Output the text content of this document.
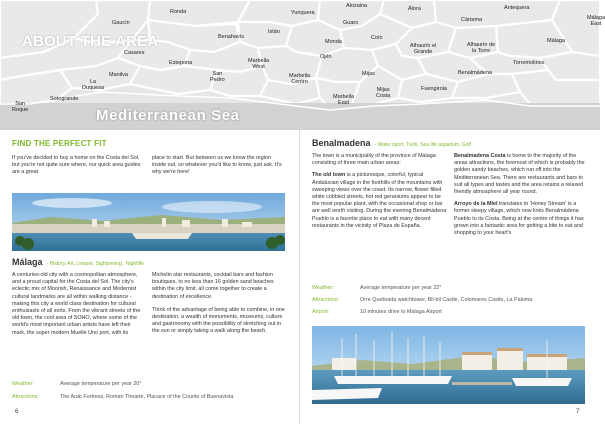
Ronda	Yunquera
Alozaina	Álora	Antequera
Málaga
East
Gaucín	Guaro	Cártama
Istán
Benahavís	Coín
Monda
Alhaurín el
Grande
Alhaurín de
la Torre
Málaga
Casares
Estepona	Marbella
West
Ojén
Torremolinos
Manilva	San
Pedro
Marbella
Centro
Mijas	Benalmádena
La
Duquesa	Fuengirola
Mijas
Costa
Marbella
East
Sotogrande
San
Roque
ABOUT THE AREA
Mediterranean Sea
FIND THE PERFECT FIT

If you've decided to buy a home on the Costa del Sol, but you're not quite sure where, our quick area guides are a great

place to start. But between us we know the region inside out, so whatever you'd like to know, just ask. It's why we're here!

Málaga - History, Art, Leisure, Sightseeing , Nightlife

A centuries-old city with a cosmopolitan atmosphere, and a proud capital for the Costa del Sol. The city's eclectic mix of Moorish, Renaissance and Modernist cultural landmarks are all within walking distance - making this city a world class destination for cultural enthusiasts of all sorts. From the vibrant streets of the old town, the cool area of SOHO, where some of the world's most important urban artists have left their mark, the super modern Muelle Uno port, with its

Michelin star restaurants, cocktail bars and fashion boutiques, to no less than 16 golden sand beaches within the city limit, all come together to create a destination of excellence.

Think of the advantage of being able to combine, in one destination, a wealth of monuments, museums, culture and gastronomy with the possibility of stretching out in the sun or simply taking a walk along the beach.

Weather:	Average temperature per year 20°
Attractions:	The Arab Fortress, Roman Theatre, Placace of the Counts of Buenavista
6
Benalmadena - Water sport, Tivoli, Sea life aquarium, Golf

The town is a municipality of the province of Malaga consisting of three main urban areas:

The old town is a picturesque, colorful, typical Andalucian village in the foothills of the mountains with sweeping views over the coast. Its narrow, flower filled white cobbled streets, hot red geraniums appear to be the most popular plant, with the occasional shop or bar are well worth visiting. During the evening Benalmádena Pueblo is a favorite place to eat with many decent restaurants in the vicinity of Plaza de España.

Benalmadena Costa is home to the majority of the areas attractions, the foremost of which is probably the golden sandy beaches, which run off into the Mediterranean Sea. There are restaurants and bars to suit all types and tastes and the area retains a relaxed friendly atmosphere all year round.

Arroyo de la Miel translates to 'Honey Stream' is a former sleepy village, which now links Benalmádena Pueblo to its Costa. Being at the centre of things it has grown into a fantastic area for getting a bite to eat and shopping to your heart's

Weather:	Average temperature per year 22°
Attractions:	Orre Quebrada watchtower, Bil-bil Castle, Colomares Castle, La Paloma
Airport:	10 minutes drive to Malaga Airport
7
